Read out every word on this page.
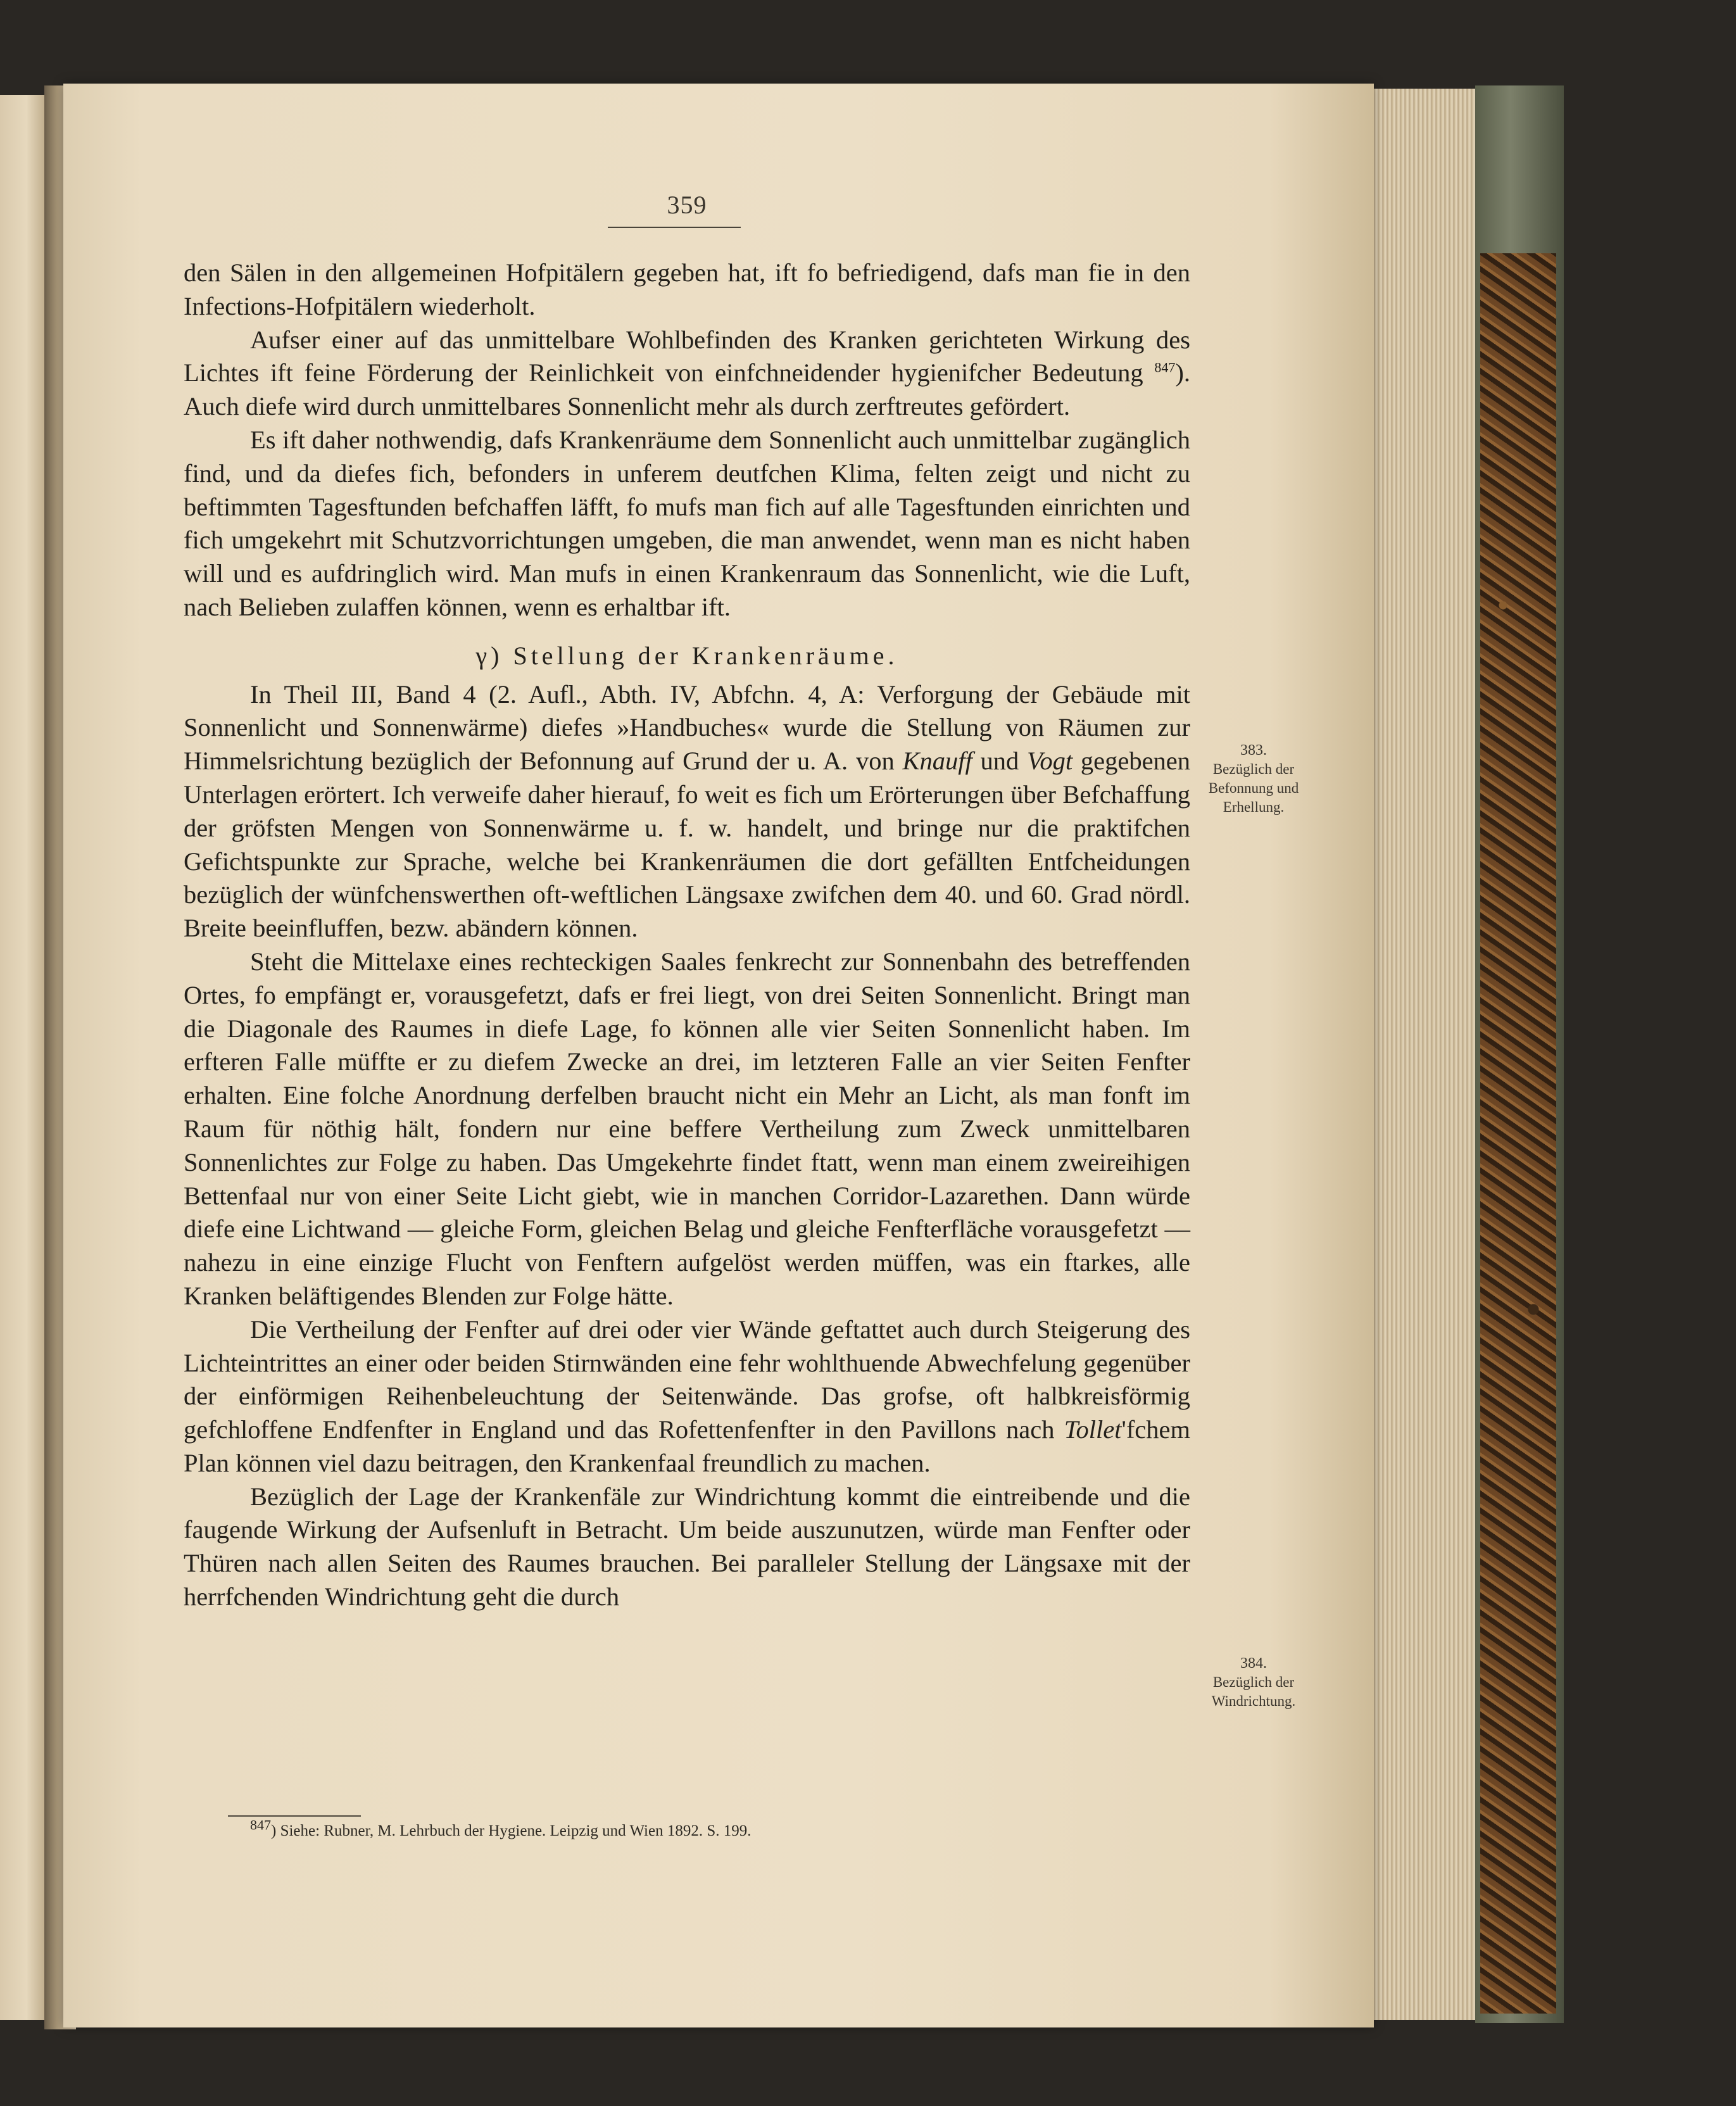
359

den Sälen in den allgemeinen Hofpitälern gegeben hat, ift fo befriedigend, dafs man fie in den Infections-Hofpitälern wiederholt.

Aufser einer auf das unmittelbare Wohlbefinden des Kranken gerichteten Wirkung des Lichtes ift feine Förderung der Reinlichkeit von einfchneidender hygienifcher Bedeutung $^{847}$). Auch diefe wird durch unmittelbares Sonnenlicht mehr als durch zerftreutes gefördert.

Es ift daher nothwendig, dafs Krankenräume dem Sonnenlicht auch unmittelbar zugänglich find, und da diefes fich, befonders in unferem deutfchen Klima, felten zeigt und nicht zu beftimmten Tagesftunden befchaffen läfft, fo mufs man fich auf alle Tagesftunden einrichten und fich umgekehrt mit Schutzvorrichtungen umgeben, die man anwendet, wenn man es nicht haben will und es aufdringlich wird. Man mufs in einen Krankenraum das Sonnenlicht, wie die Luft, nach Belieben zulaffen können, wenn es erhaltbar ift.

γ) Stellung der Krankenräume.

In Theil III, Band 4 (2. Aufl., Abth. IV, Abfchn. 4, A: Verforgung der Gebäude mit Sonnenlicht und Sonnenwärme) diefes »Handbuches« wurde die Stellung von Räumen zur Himmelsrichtung bezüglich der Befonnung auf Grund der u. A. von Knauff und Vogt gegebenen Unterlagen erörtert. Ich verweife daher hierauf, fo weit es fich um Erörterungen über Befchaffung der gröfsten Mengen von Sonnenwärme u. f. w. handelt, und bringe nur die praktifchen Gefichtspunkte zur Sprache, welche bei Krankenräumen die dort gefällten Entfcheidungen bezüglich der wünfchenswerthen oft-weftlichen Längsaxe zwifchen dem 40. und 60. Grad nördl. Breite beeinfluffen, bezw. abändern können.

Steht die Mittelaxe eines rechteckigen Saales fenkrecht zur Sonnenbahn des betreffenden Ortes, fo empfängt er, vorausgefetzt, dafs er frei liegt, von drei Seiten Sonnenlicht. Bringt man die Diagonale des Raumes in diefe Lage, fo können alle vier Seiten Sonnenlicht haben. Im erfteren Falle müffte er zu diefem Zwecke an drei, im letzteren Falle an vier Seiten Fenfter erhalten. Eine folche Anordnung derfelben braucht nicht ein Mehr an Licht, als man fonft im Raum für nöthig hält, fondern nur eine beffere Vertheilung zum Zweck unmittelbaren Sonnenlichtes zur Folge zu haben. Das Umgekehrte findet ftatt, wenn man einem zweireihigen Bettenfaal nur von einer Seite Licht giebt, wie in manchen Corridor-Lazarethen. Dann würde diefe eine Lichtwand — gleiche Form, gleichen Belag und gleiche Fenfterfläche vorausgefetzt — nahezu in eine einzige Flucht von Fenftern aufgelöst werden müffen, was ein ftarkes, alle Kranken beläftigendes Blenden zur Folge hätte.

Die Vertheilung der Fenfter auf drei oder vier Wände geftattet auch durch Steigerung des Lichteintrittes an einer oder beiden Stirnwänden eine fehr wohlthuende Abwechfelung gegenüber der einförmigen Reihenbeleuchtung der Seitenwände. Das grofse, oft halbkreisförmig gefchloffene Endfenfter in England und das Rofettenfenfter in den Pavillons nach Tollet'fchem Plan können viel dazu beitragen, den Krankenfaal freundlich zu machen.

Bezüglich der Lage der Krankenfäle zur Windrichtung kommt die eintreibende und die faugende Wirkung der Aufsenluft in Betracht. Um beide auszunutzen, würde man Fenfter oder Thüren nach allen Seiten des Raumes brauchen. Bei paralleler Stellung der Längsaxe mit der herrfchenden Windrichtung geht die durch

383.
Bezüglich der Befonnung und Erhellung.
384.
Bezüglich der Windrichtung.
847) Siehe: Rubner, M. Lehrbuch der Hygiene. Leipzig und Wien 1892. S. 199.
